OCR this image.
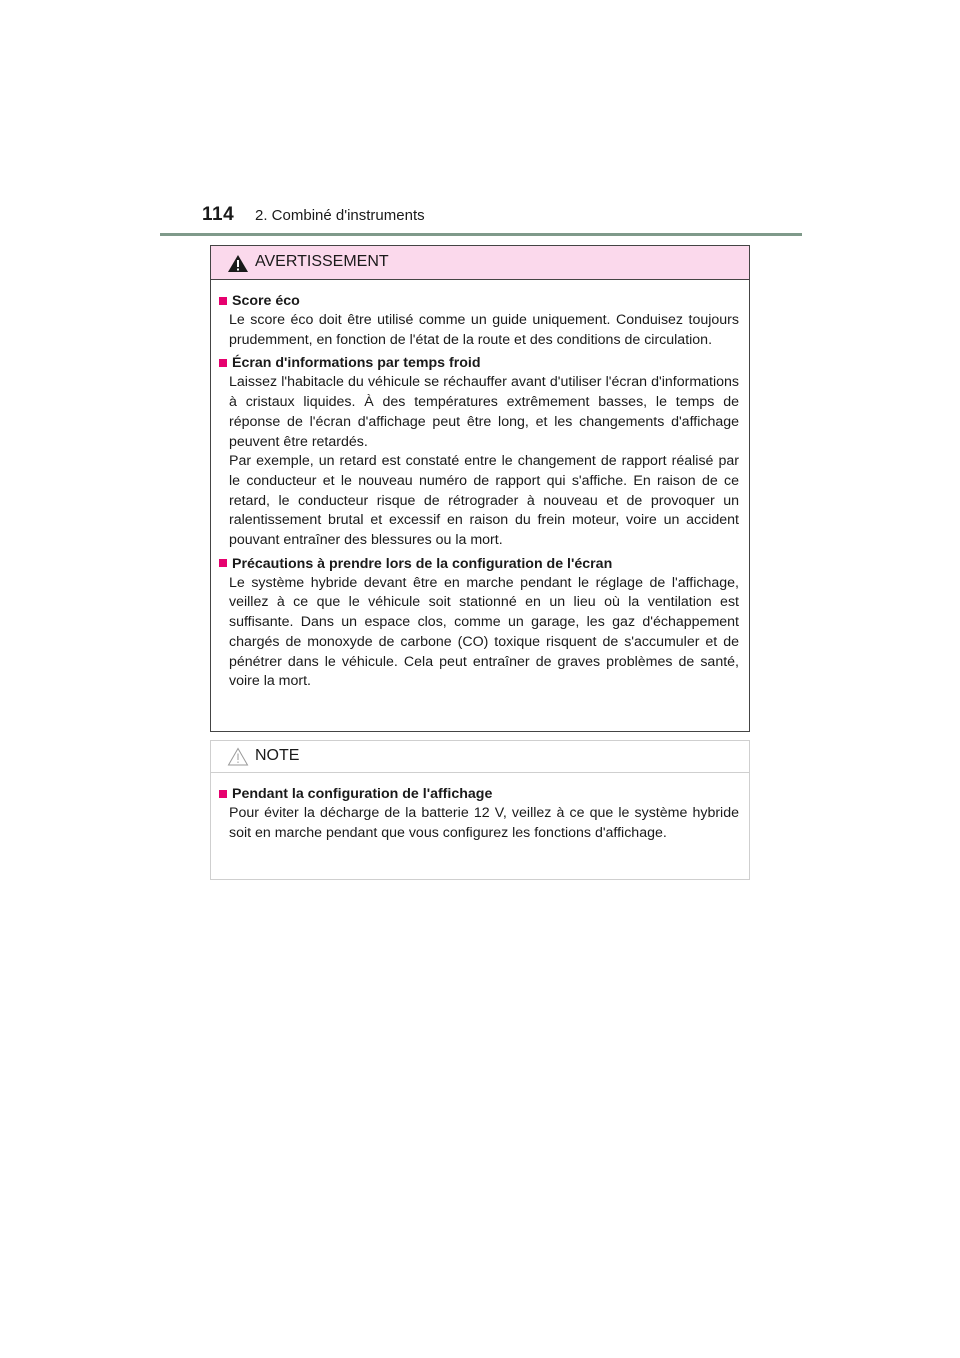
114 2. Combiné d'instruments
AVERTISSEMENT
Score éco

Le score éco doit être utilisé comme un guide uniquement. Conduisez toujours prudemment, en fonction de l'état de la route et des conditions de circulation.

Écran d'informations par temps froid

Laissez l'habitacle du véhicule se réchauffer avant d'utiliser l'écran d'informations à cristaux liquides. À des températures extrêmement basses, le temps de réponse de l'écran d'affichage peut être long, et les changements d'affichage peuvent être retardés.

Par exemple, un retard est constaté entre le changement de rapport réalisé par le conducteur et le nouveau numéro de rapport qui s'affiche. En raison de ce retard, le conducteur risque de rétrograder à nouveau et de provoquer un ralentissement brutal et excessif en raison du frein moteur, voire un accident pouvant entraîner des blessures ou la mort.

Précautions à prendre lors de la configuration de l'écran

Le système hybride devant être en marche pendant le réglage de l'affichage, veillez à ce que le véhicule soit stationné en un lieu où la ventilation est suffisante. Dans un espace clos, comme un garage, les gaz d'échappement chargés de monoxyde de carbone (CO) toxique risquent de s'accumuler et de pénétrer dans le véhicule. Cela peut entraîner de graves problèmes de santé, voire la mort.

NOTE
Pendant la configuration de l'affichage

Pour éviter la décharge de la batterie 12 V, veillez à ce que le système hybride soit en marche pendant que vous configurez les fonctions d'affichage.
